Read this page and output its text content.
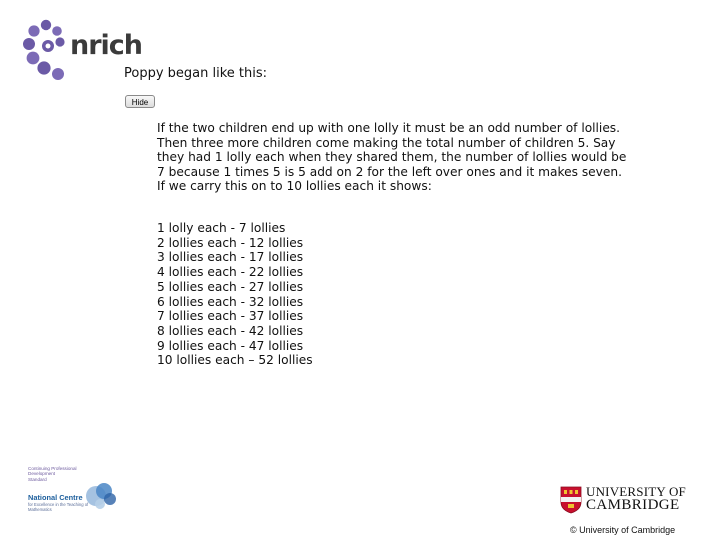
nrich
Poppy began like this:
Hide

If the two children end up with one lolly it must be an odd number of lollies. Then three more children come making the total number of children 5. Say they had 1 lolly each when they shared them, the number of lollies would be 7 because 1 times 5 is 5 add on 2 for the left over ones and it makes seven. If we carry this on to 10 lollies each it shows:

1 lolly each - 7 lollies
2 lollies each - 12 lollies
3 lollies each - 17 lollies
4 lollies each - 22 lollies
5 lollies each - 27 lollies
6 lollies each - 32 lollies
7 lollies each - 37 lollies
8 lollies each - 42 lollies
9 lollies each - 47 lollies
10 lollies each – 52 lollies
Continuing Professional
Development
Standard
National Centre
for Excellence in the Teaching of Mathematics
UNIVERSITY OF
CAMBRIDGE
© University of Cambridge
